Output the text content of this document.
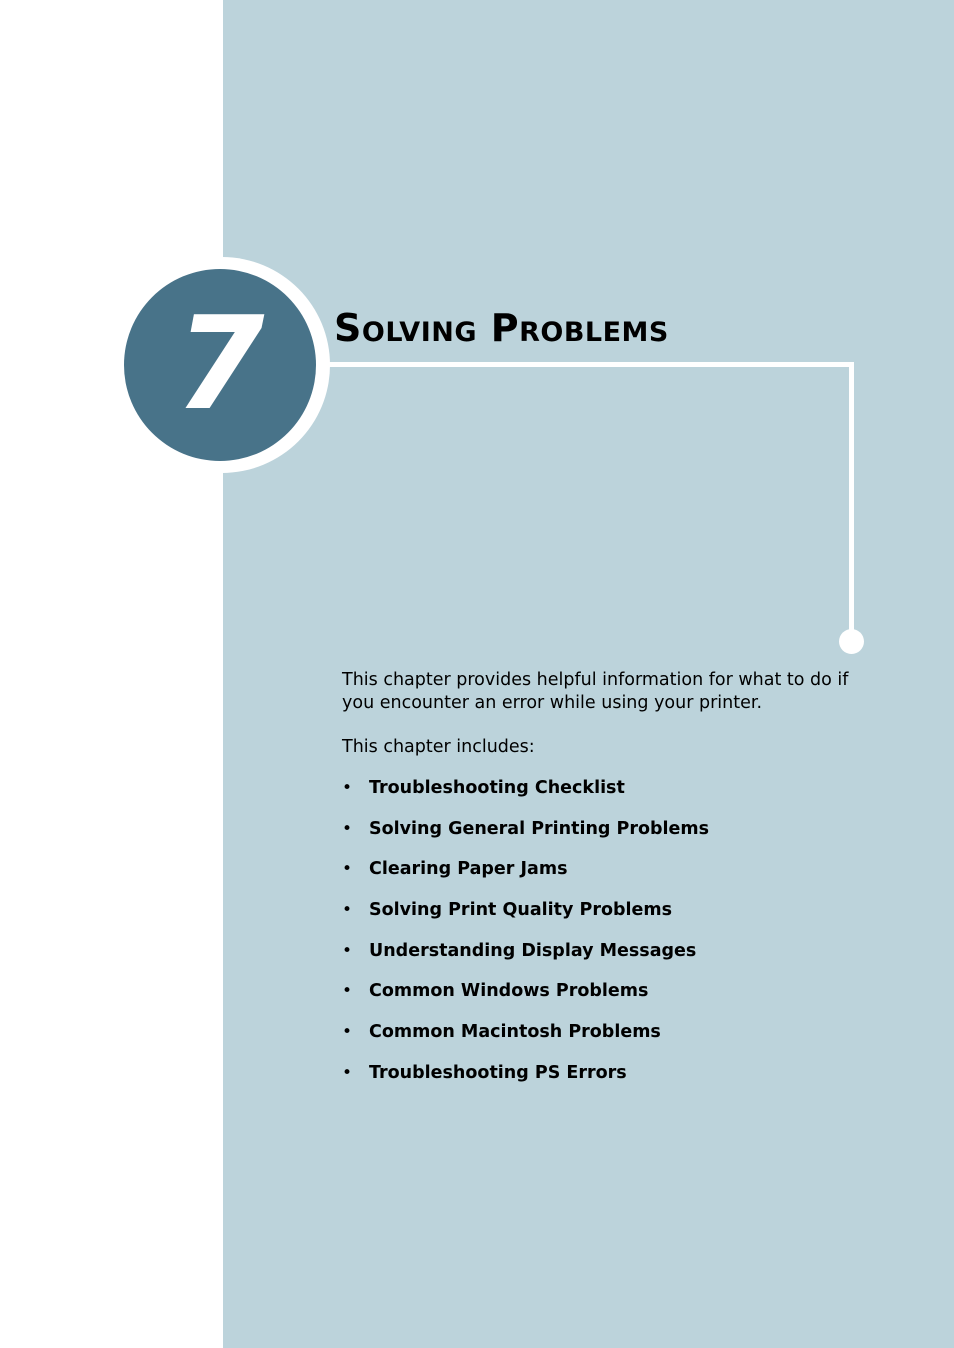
7	Solving Problems

This chapter provides helpful information for what to do if you encounter an error while using your printer.

This chapter includes:

• Troubleshooting Checklist
• Solving General Printing Problems
• Clearing Paper Jams
• Solving Print Quality Problems
• Understanding Display Messages
• Common Windows Problems
• Common Macintosh Problems
• Troubleshooting PS Errors
